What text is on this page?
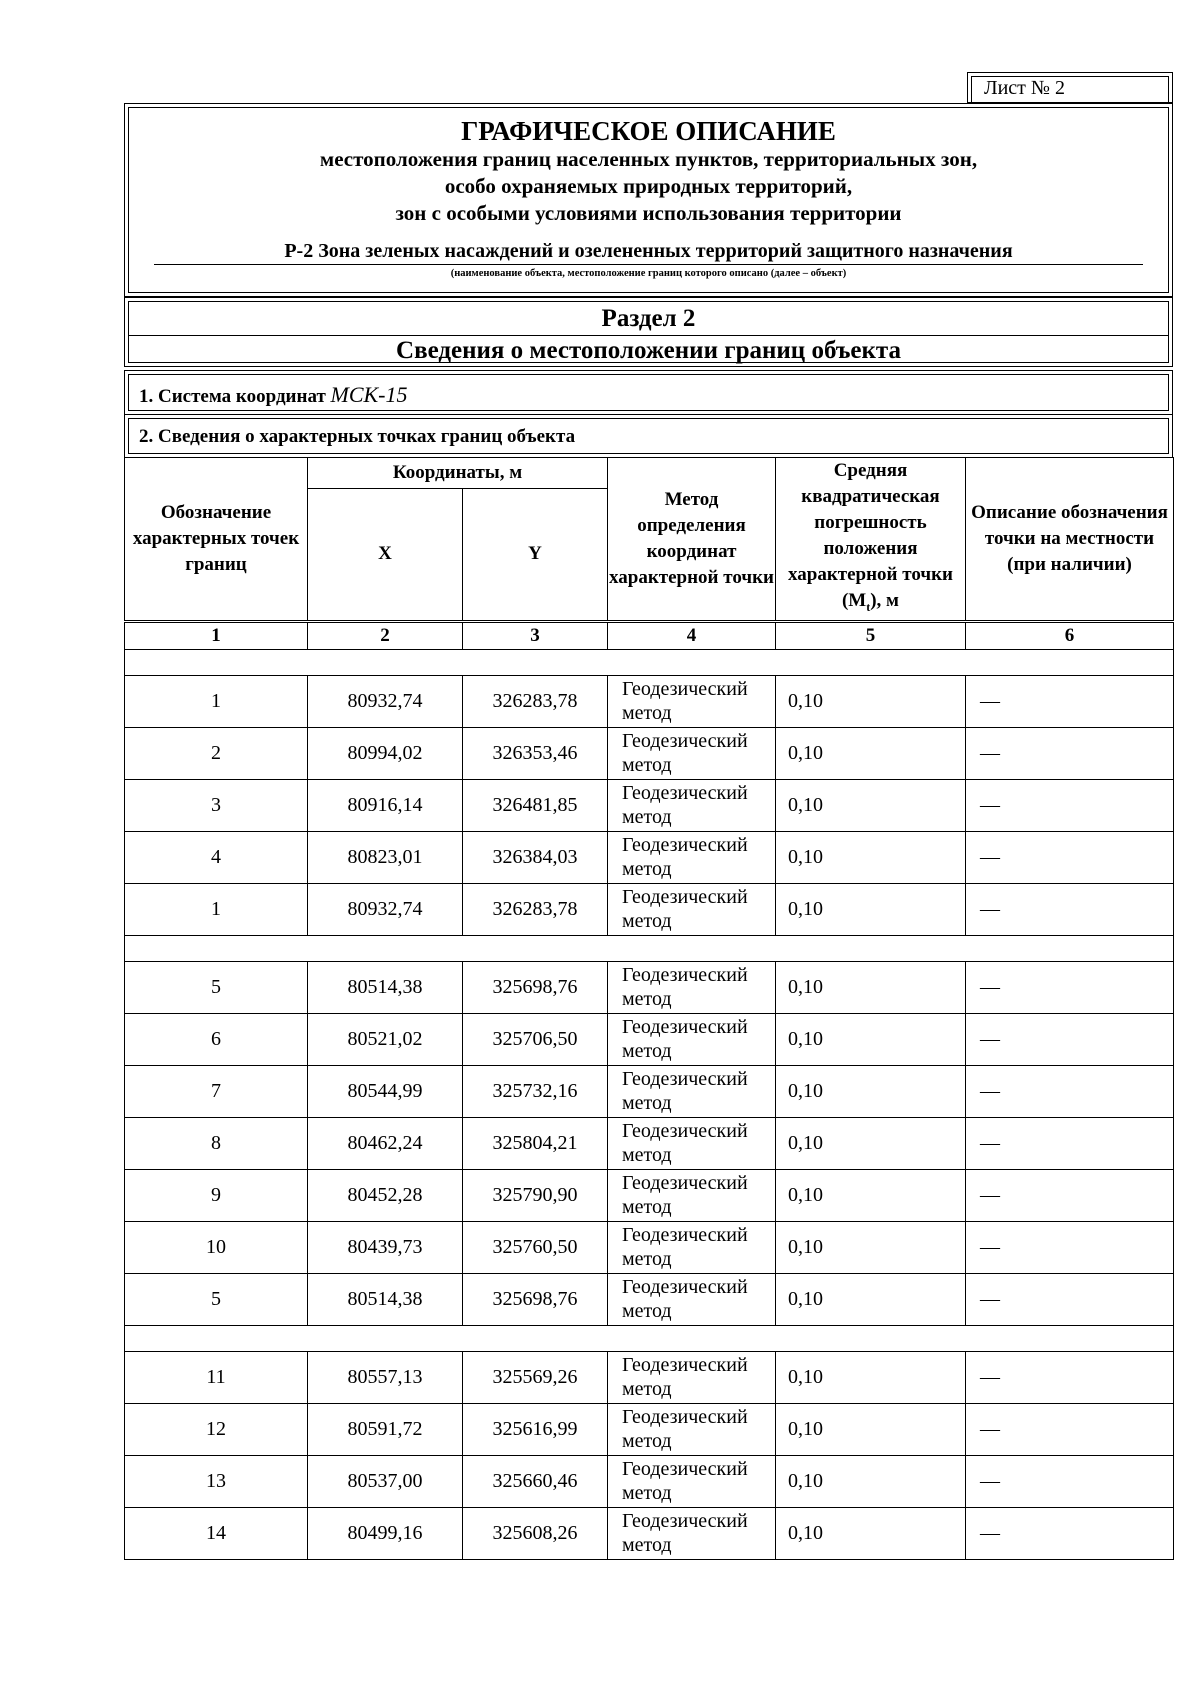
Лист № 2
ГРАФИЧЕСКОЕ ОПИСАНИЕ
местоположения границ населенных пунктов, территориальных зон,
особо охраняемых природных территорий,
зон с особыми условиями использования территории
Р-2 Зона зеленых насаждений и озелененных территорий защитного назначения
(наименование объекта, местоположение границ которого описано (далее – объект)
Раздел 2
Сведения о местоположении границ объекта
1. Система координат МСК-15
2. Сведения о характерных точках границ объекта
Обозначение характерных точек границ	Координаты, м		Метод определения координат характерной точки	Средняя квадратическая погрешность положения характерной точки $(M_t)$, м	Описание обозначения точки на местности (при наличии)
	X	Y			
1	2	3	4	5	6

1	80932,74	326283,78	Геодезический метод	0,10	—
2	80994,02	326353,46	Геодезический метод	0,10	—
3	80916,14	326481,85	Геодезический метод	0,10	—
4	80823,01	326384,03	Геодезический метод	0,10	—
1	80932,74	326283,78	Геодезический метод	0,10	—

5	80514,38	325698,76	Геодезический метод	0,10	—
6	80521,02	325706,50	Геодезический метод	0,10	—
7	80544,99	325732,16	Геодезический метод	0,10	—
8	80462,24	325804,21	Геодезический метод	0,10	—
9	80452,28	325790,90	Геодезический метод	0,10	—
10	80439,73	325760,50	Геодезический метод	0,10	—
5	80514,38	325698,76	Геодезический метод	0,10	—

11	80557,13	325569,26	Геодезический метод	0,10	—
12	80591,72	325616,99	Геодезический метод	0,10	—
13	80537,00	325660,46	Геодезический метод	0,10	—
14	80499,16	325608,26	Геодезический метод	0,10	—
